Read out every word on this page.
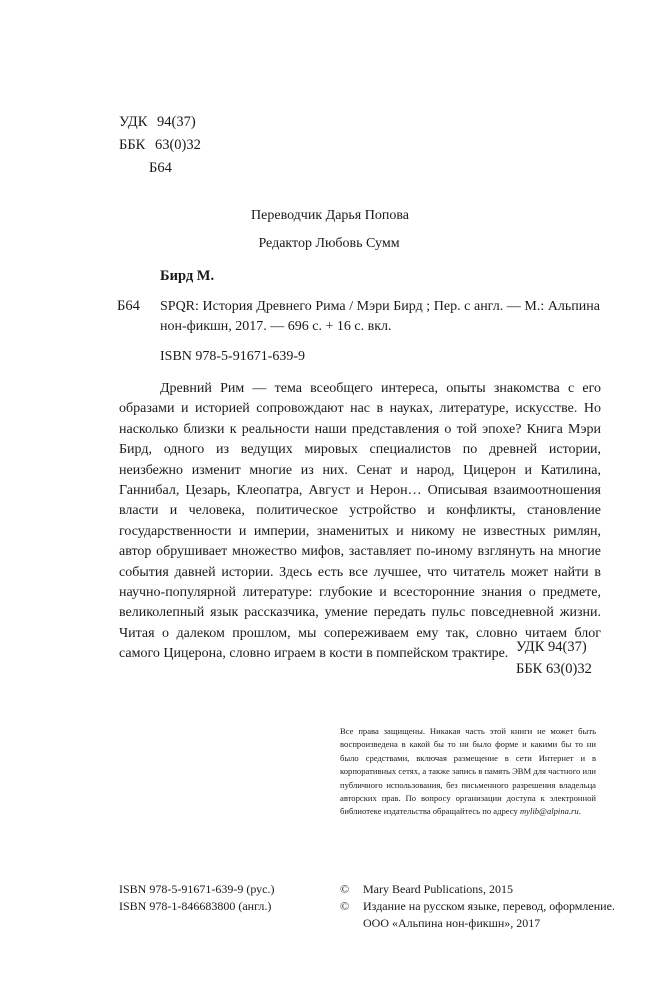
УДК 94(37)
ББК 63(0)32
Б64
Переводчик Дарья Попова
Редактор Любовь Сумм
Бирд М.
Б64 SPQR: История Древнего Рима / Мэри Бирд ; Пер. с англ. — М.: Альпина нон-фикшн, 2017. — 696 с. + 16 с. вкл.
ISBN 978-5-91671-639-9
Древний Рим — тема всеобщего интереса, опыты знакомства с его образами и историей сопровождают нас в науках, литературе, искусстве. Но насколько близки к реальности наши представления о той эпохе? Книга Мэри Бирд, одного из ведущих мировых специалистов по древней истории, неизбежно изменит многие из них. Сенат и народ, Цицерон и Катилина, Ганнибал, Цезарь, Клеопатра, Август и Нерон… Описывая взаимоотношения власти и человека, политическое устройство и конфликты, становление государственности и империи, знаменитых и никому не известных римлян, автор обрушивает множество мифов, заставляет по-иному взглянуть на многие события давней истории. Здесь есть все лучшее, что читатель может найти в научно-популярной литературе: глубокие и всесторонние знания о предмете, великолепный язык рассказчика, умение передать пульс повседневной жизни. Читая о далеком прошлом, мы сопереживаем ему так, словно читаем блог самого Цицерона, словно играем в кости в помпейском трактире. УДК 94(37)
ББК 63(0)32
Все права защищены. Никакая часть этой книги не может быть воспроизведена в какой бы то ни было форме и какими бы то ни было средствами, включая размещение в сети Интернет и в корпоративных сетях, а также запись в память ЭВМ для частного или публичного использования, без письменного разрешения владельца авторских прав. По вопросу организации доступа к электронной библиотеке издательства обращайтесь по адресу mylib@alpina.ru.
ISBN 978-5-91671-639-9 (рус.)
ISBN 978-1-846683800 (англ.)
©	Mary Beard Publications, 2015
©	Издание на русском языке, перевод, оформление.
ООО «Альпина нон-фикшн», 2017
